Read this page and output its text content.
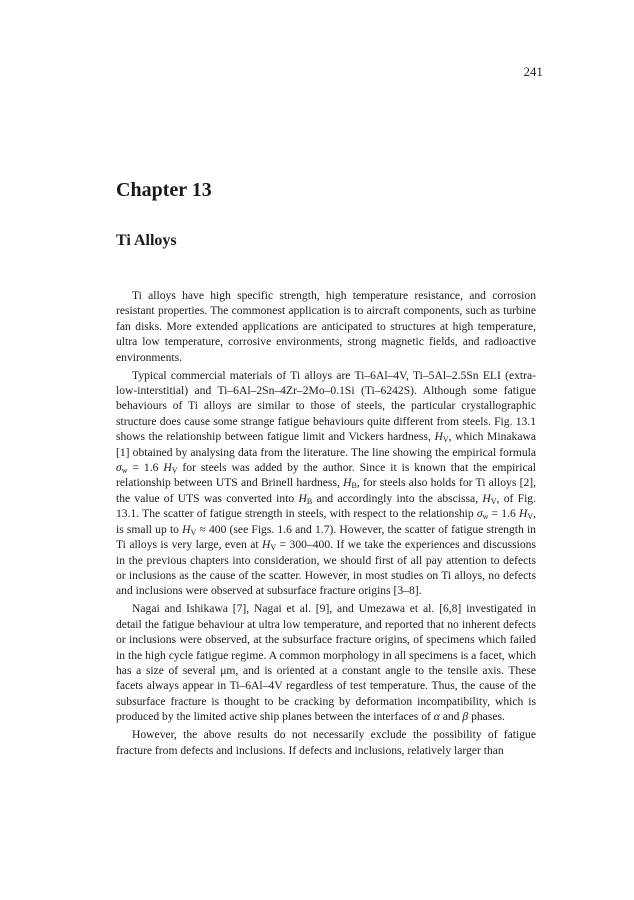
241
Chapter 13
Ti Alloys

Ti alloys have high specific strength, high temperature resistance, and corrosion resistant properties. The commonest application is to aircraft components, such as turbine fan disks. More extended applications are anticipated to structures at high temperature, ultra low temperature, corrosive environments, strong magnetic fields, and radioactive environments.

Typical commercial materials of Ti alloys are Ti–6Al–4V, Ti–5Al–2.5Sn ELI (extra-low-interstitial) and Ti–6Al–2Sn–4Zr–2Mo–0.1Si (Ti–6242S). Although some fatigue behaviours of Ti alloys are similar to those of steels, the particular crystallographic structure does cause some strange fatigue behaviours quite different from steels. Fig. 13.1 shows the relationship between fatigue limit and Vickers hardness, $H_V$, which Minakawa [1] obtained by analysing data from the literature. The line showing the empirical formula $\sigma_w = 1.6$ $H_V$ for steels was added by the author. Since it is known that the empirical relationship between UTS and Brinell hardness, $H_B$, for steels also holds for Ti alloys [2], the value of UTS was converted into $H_B$ and accordingly into the abscissa, $H_V$, of Fig. 13.1. The scatter of fatigue strength in steels, with respect to the relationship $\sigma_w = 1.6$ $H_V$, is small up to $H_V \approx 400$ (see Figs. 1.6 and 1.7). However, the scatter of fatigue strength in Ti alloys is very large, even at $H_V = 300-400$. If we take the experiences and discussions in the previous chapters into consideration, we should first of all pay attention to defects or inclusions as the cause of the scatter. However, in most studies on Ti alloys, no defects and inclusions were observed at subsurface fracture origins [3–8].

Nagai and Ishikawa [7], Nagai et al. [9], and Umezawa et al. [6,8] investigated in detail the fatigue behaviour at ultra low temperature, and reported that no inherent defects or inclusions were observed, at the subsurface fracture origins, of specimens which failed in the high cycle fatigue regime. A common morphology in all specimens is a facet, which has a size of several μm, and is oriented at a constant angle to the tensile axis. These facets always appear in Ti–6Al–4V regardless of test temperature. Thus, the cause of the subsurface fracture is thought to be cracking by deformation incompatibility, which is produced by the limited active ship planes between the interfaces of α and β phases.

However, the above results do not necessarily exclude the possibility of fatigue fracture from defects and inclusions. If defects and inclusions, relatively larger than
